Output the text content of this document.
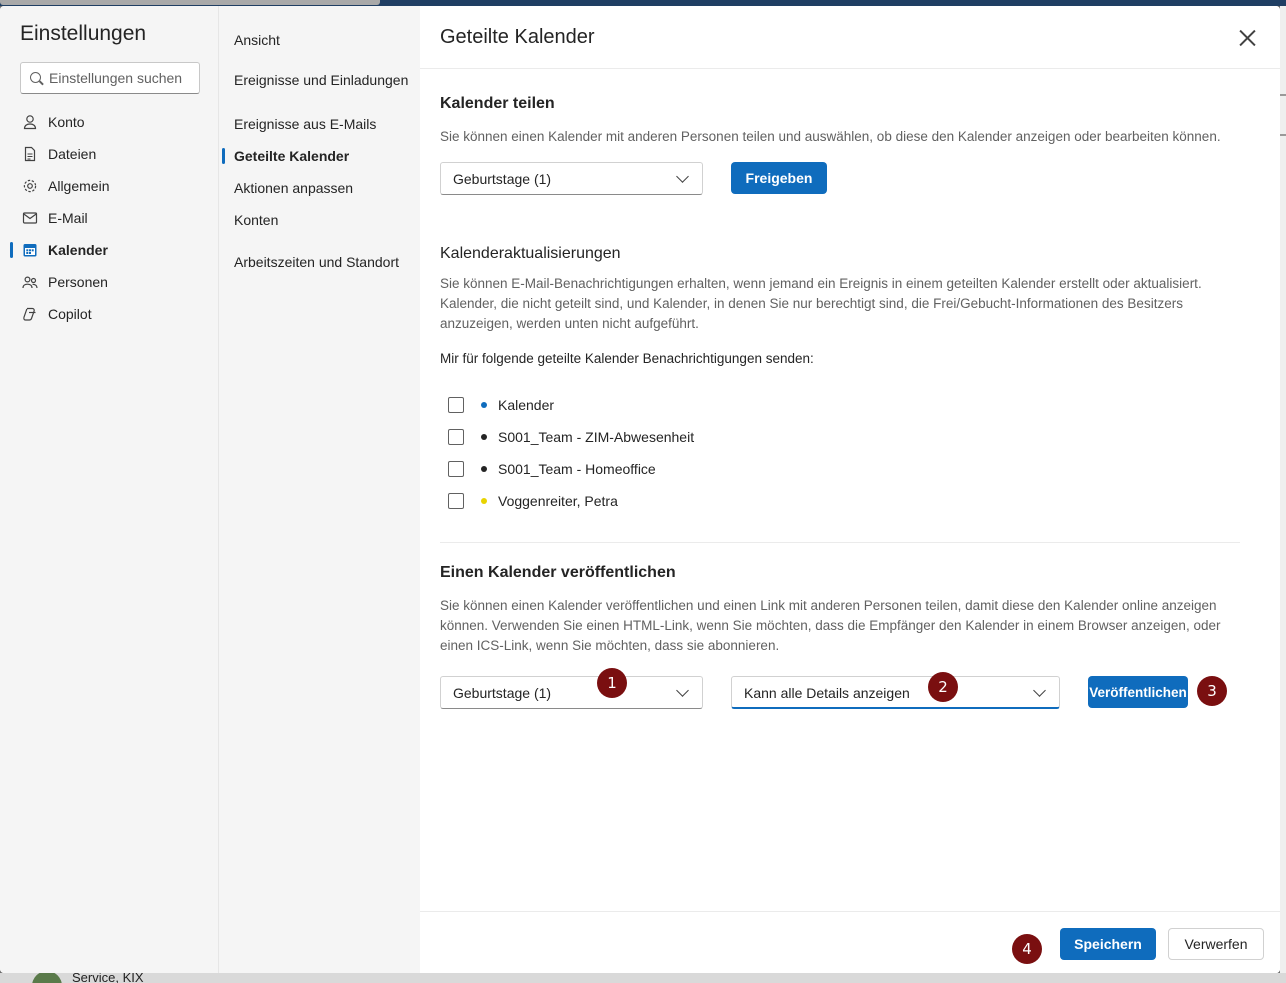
Service, KIX
Einstellungen
Einstellungen suchen
Konto
Dateien
Allgemein
E-Mail
Kalender
Personen
Copilot
Ansicht
Ereignisse und Einladungen
Ereignisse aus E-Mails
Geteilte Kalender
Aktionen anpassen
Konten
Arbeitszeiten und Standort
Geteilte Kalender
Kalender teilen
Sie können einen Kalender mit anderen Personen teilen und auswählen, ob diese den Kalender anzeigen oder bearbeiten können.
Geburtstage (1)	Freigeben
Kalenderaktualisierungen
Sie können E-Mail-Benachrichtigungen erhalten, wenn jemand ein Ereignis in einem geteilten Kalender erstellt oder aktualisiert. Kalender, die nicht geteilt sind, und Kalender, in denen Sie nur berechtigt sind, die Frei/Gebucht-Informationen des Besitzers anzuzeigen, werden unten nicht aufgeführt.
Mir für folgende geteilte Kalender Benachrichtigungen senden:
Kalender
S001_Team - ZIM-Abwesenheit
S001_Team - Homeoffice
Voggenreiter, Petra
Einen Kalender veröffentlichen
Sie können einen Kalender veröffentlichen und einen Link mit anderen Personen teilen, damit diese den Kalender online anzeigen können. Verwenden Sie einen HTML-Link, wenn Sie möchten, dass die Empfänger den Kalender in einem Browser anzeigen, oder einen ICS-Link, wenn Sie möchten, dass sie abonnieren.
Geburtstage (1)	Kann alle Details anzeigen	Veröffentlichen
Speichern	Verwerfen
1	2	3
4
